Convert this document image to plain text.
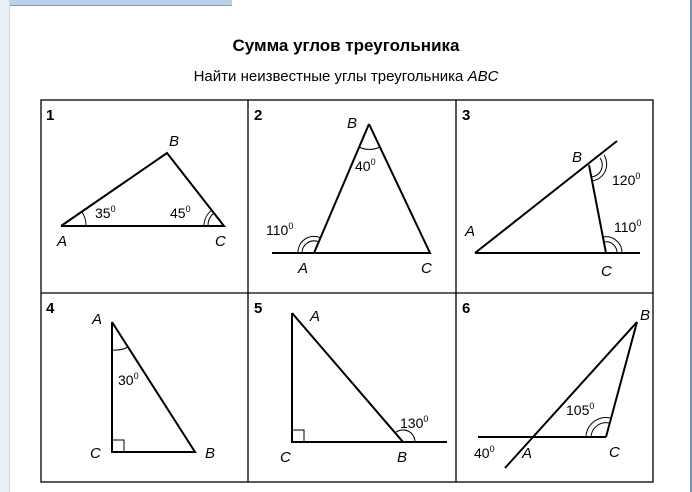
Сумма углов треугольника
Найти неизвестные углы треугольника ABC
1
A
B
C
$35^0$	$45^0$
2
A
B
C
$40^0$
$110^0$
3
A
B
C
$120^0$
$110^0$
4
A
B
C
$30^0$
5	A
B
C
$130^0$
6	B
A	C
$105^0$
$40^0$
